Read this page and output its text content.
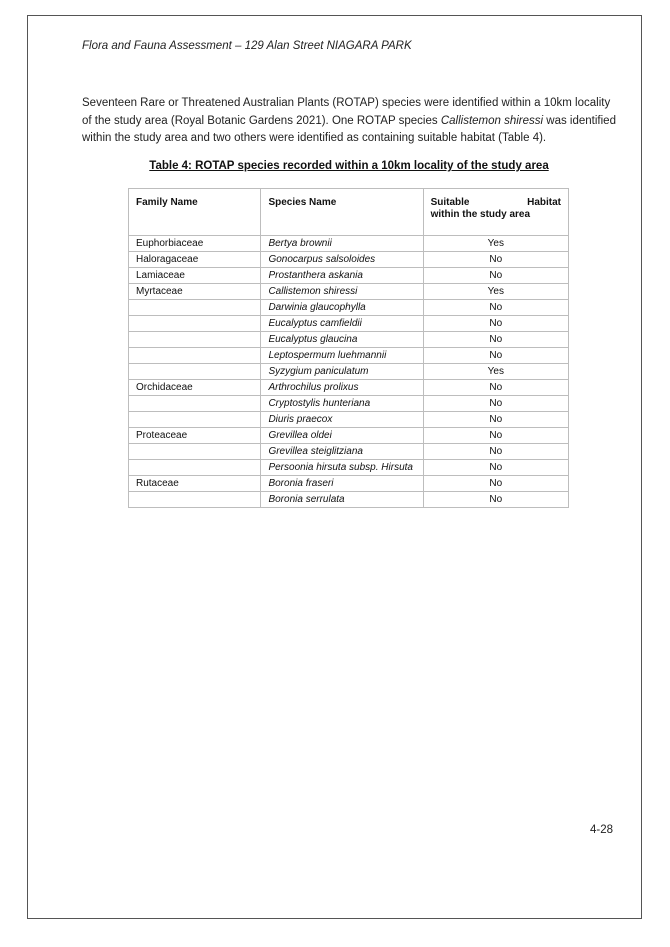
Flora and Fauna Assessment – 129 Alan Street NIAGARA PARK

Seventeen Rare or Threatened Australian Plants (ROTAP) species were identified within a 10km locality of the study area (Royal Botanic Gardens 2021). One ROTAP species Callistemon shiressi was identified within the study area and two others were identified as containing suitable habitat (Table 4).

Table 4: ROTAP species recorded within a 10km locality of the study area
Family Name	Species Name	Suitable Habitat
within the study area

Euphorbiaceae	Bertya brownii	Yes
Haloragaceae	Gonocarpus salsoloides	No
Lamiaceae	Prostanthera askania	No
Myrtaceae	Callistemon shiressi	Yes
	Darwinia glaucophylla	No
	Eucalyptus camfieldii	No
	Eucalyptus glaucina	No
	Leptospermum luehmannii	No
	Syzygium paniculatum	Yes
Orchidaceae	Arthrochilus prolixus	No
	Cryptostylis hunteriana	No
	Diuris praecox	No
Proteaceae	Grevillea oldei	No
	Grevillea steiglitziana	No
	Persoonia hirsuta subsp. Hirsuta	No
Rutaceae	Boronia fraseri	No
	Boronia serrulata	No
4-28
